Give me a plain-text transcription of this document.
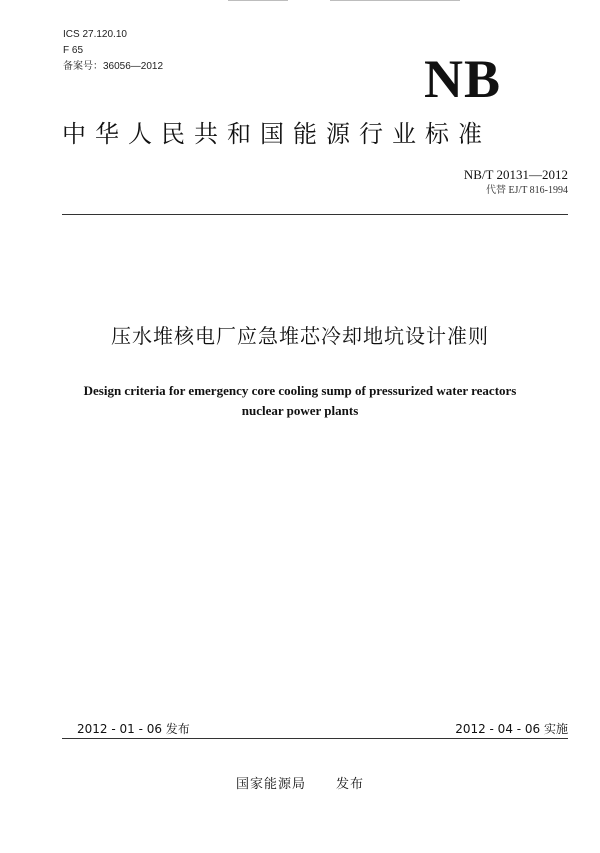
ICS 27.120.10
F 65
备案号：36056—2012	NB
中华人民共和国能源行业标准
NB/T 20131—2012
代替 EJ/T 816-1994
压水堆核电厂应急堆芯冷却地坑设计准则
Design criteria for emergency core cooling sump of pressurized water reactors
nuclear power plants
2012 - 01 - 06 发布	2012 - 04 - 06 实施
国家能源局 发布
